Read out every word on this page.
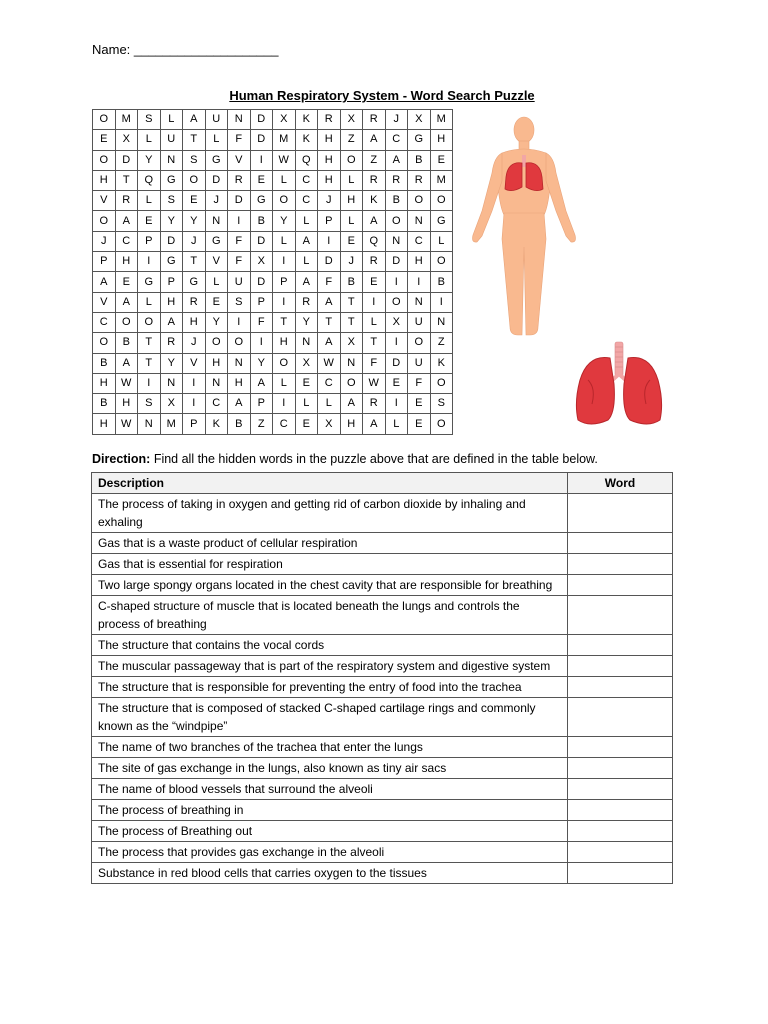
Name: ____________________
Human Respiratory System - Word Search Puzzle
O	M	S	L	A	U	N	D	X	K	R	X	R	J	X	M
E	X	L	U	T	L	F	D	M	K	H	Z	A	C	G	H
O	D	Y	N	S	G	V	I	W	Q	H	O	Z	A	B	E
H	T	Q	G	O	D	R	E	L	C	H	L	R	R	R	M
V	R	L	S	E	J	D	G	O	C	J	H	K	B	O	O
O	A	E	Y	Y	N	I	B	Y	L	P	L	A	O	N	G
J	C	P	D	J	G	F	D	L	A	I	E	Q	N	C	L
P	H	I	G	T	V	F	X	I	L	D	J	R	D	H	O
A	E	G	P	G	L	U	D	P	A	F	B	E	I	I	B
V	A	L	H	R	E	S	P	I	R	A	T	I	O	N	I
C	O	O	A	H	Y	I	F	T	Y	T	T	L	X	U	N
O	B	T	R	J	O	O	I	H	N	A	X	T	I	O	Z
B	A	T	Y	V	H	N	Y	O	X	W	N	F	D	U	K
H	W	I	N	I	N	H	A	L	E	C	O	W	E	F	O
B	H	S	X	I	C	A	P	I	L	L	A	R	I	E	S
H	W	N	M	P	K	B	Z	C	E	X	H	A	L	E	O
Direction: Find all the hidden words in the puzzle above that are defined in the table below.
Description	Word
The process of taking in oxygen and getting rid of carbon dioxide by inhaling and exhaling	
Gas that is a waste product of cellular respiration	
Gas that is essential for respiration	
Two large spongy organs located in the chest cavity that are responsible for breathing	
C-shaped structure of muscle that is located beneath the lungs and controls the process of breathing	
The structure that contains the vocal cords	
The muscular passageway that is part of the respiratory system and digestive system	
The structure that is responsible for preventing the entry of food into the trachea	
The structure that is composed of stacked C-shaped cartilage rings and commonly known as the “windpipe”	
The name of two branches of the trachea that enter the lungs	
The site of gas exchange in the lungs, also known as tiny air sacs	
The name of blood vessels that surround the alveoli	
The process of breathing in	
The process of Breathing out	
The process that provides gas exchange in the alveoli	
Substance in red blood cells that carries oxygen to the tissues	
